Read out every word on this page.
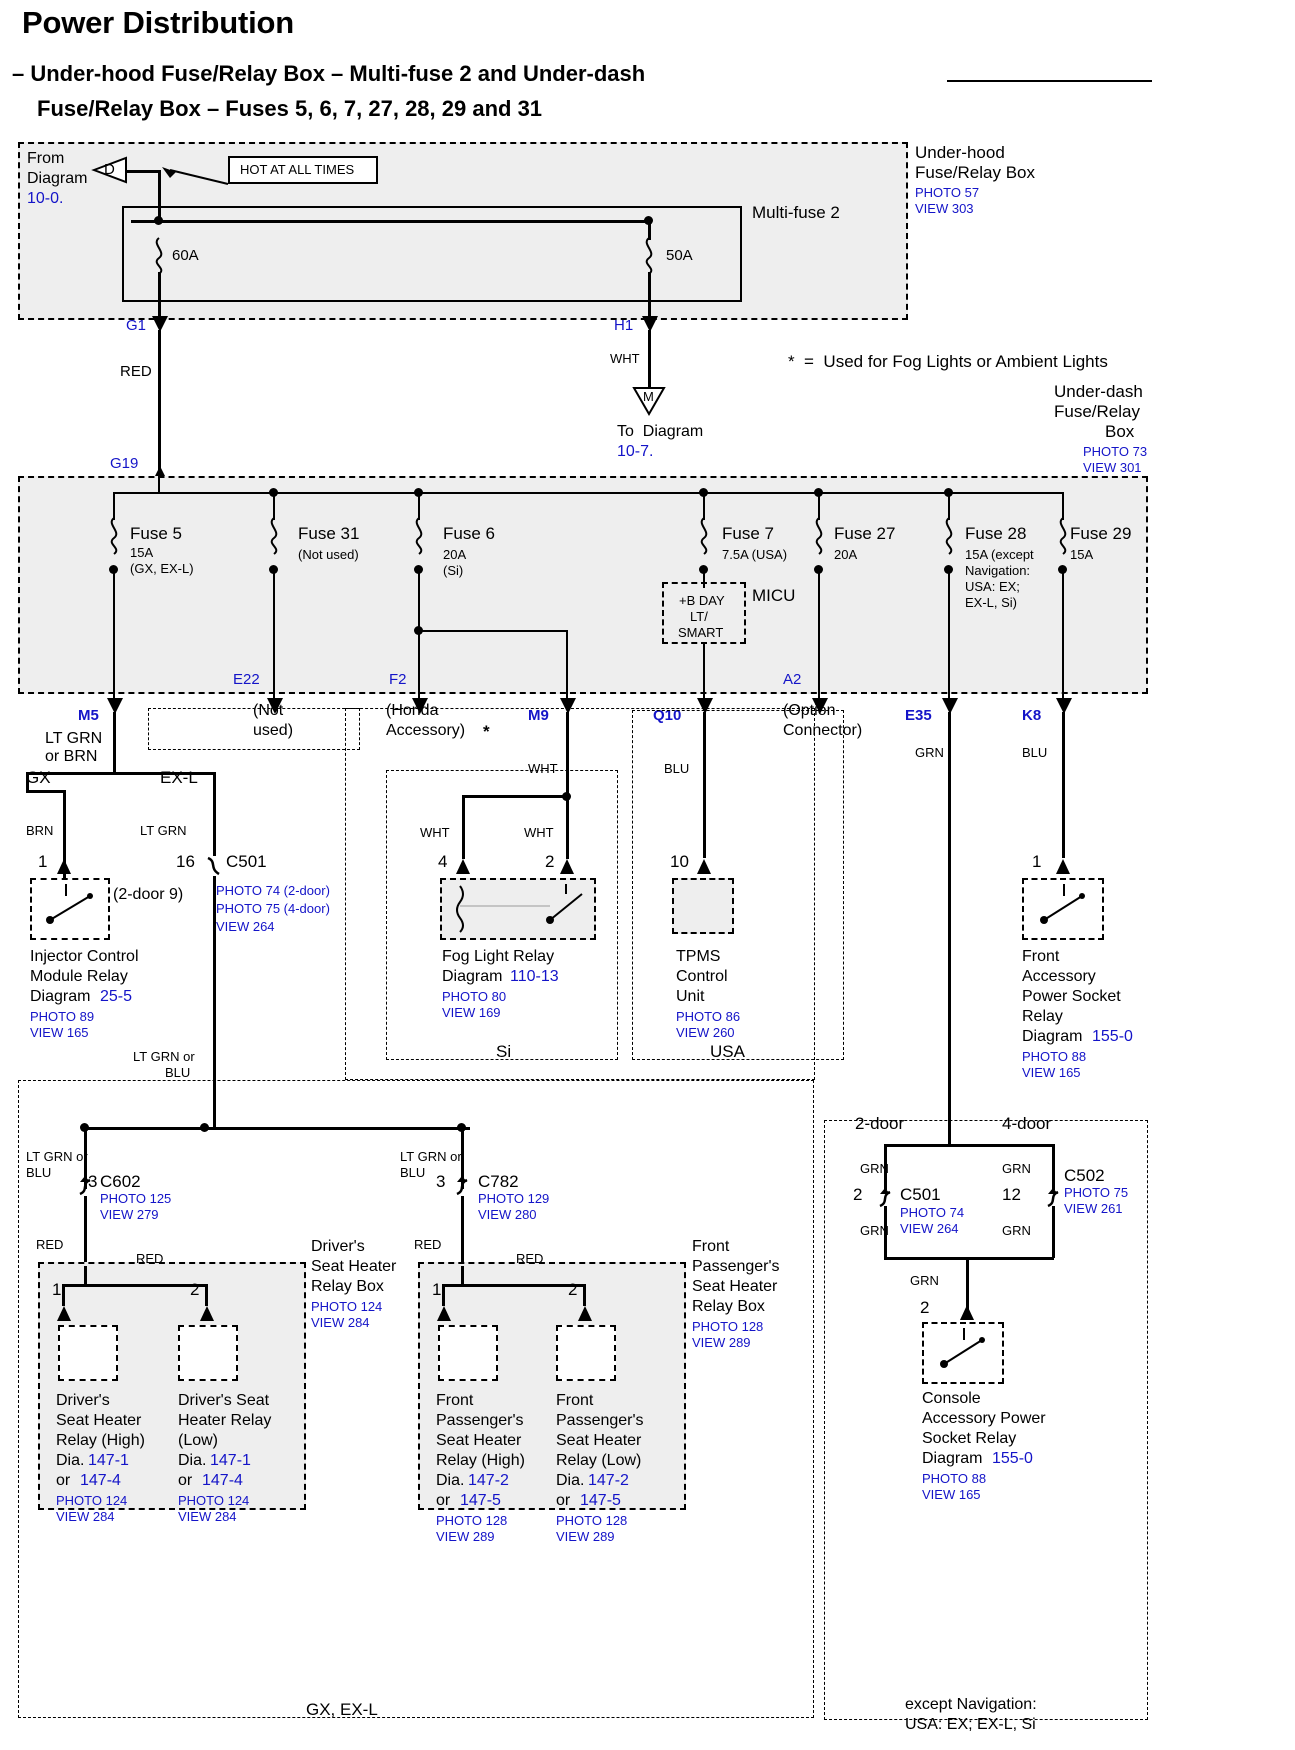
Power Distribution
– Under-hood Fuse/Relay Box – Multi-fuse 2 and Under-dash
Fuse/Relay Box – Fuses 5, 6, 7, 27, 28, 29 and 31
Under-hood
Fuse/Relay Box
PHOTO 57
VIEW 303
From
Diagram
10-0.
D	HOT AT ALL TIMES
Multi-fuse 2
60A	50A
G1
RED
H1
WHT
M
To  Diagram
10-7.
Under-dash
Fuse/Relay
Box
PHOTO 73
VIEW 301
*  =  Used for Fog Lights or Ambient Lights
G19
Fuse 5
15A
(GX, EX-L)
Fuse 31
(Not used)
Fuse 6
20A
(Si)
Fuse 7
7.5A (USA)
+B DAY
LT/
SMART
MICU
Fuse 27
20A
Fuse 28
15A (except
Navigation:
USA: EX;
EX-L, Si)
Fuse 29
15A
E22	F2	A2
M5	M9	Q10	E35	K8
LT GRN
or BRN
(Not
used)
(Honda
Accessory) *
(Option
Connector)
Si	USA
GX, EX-L	except Navigation:
USA: EX; EX-L, Si
GX	EX-L
BRN	LT GRN
1
Injector Control
Module Relay
Diagram 25-5
PHOTO 89
VIEW 165
16 C501
(2-door 9)	PHOTO 74 (2-door)
PHOTO 75 (4-door)
VIEW 264
LT GRN or
BLU
WHT
WHT	WHT
4	2
Fog Light Relay
Diagram 110-13
PHOTO 80
VIEW 169
BLU
10
TPMS
Control
Unit
PHOTO 86
VIEW 260
GRN	BLU
1
Front
Accessory
Power Socket
Relay
Diagram 155-0
PHOTO 88
VIEW 165
LT GRN or
BLU
LT GRN or
BLU
3 C602
PHOTO 125
VIEW 279
RED
3 C782
PHOTO 129
VIEW 280
RED
Driver's
Seat Heater
Relay Box
PHOTO 124
VIEW 284
RED
1	2
Driver's
Seat Heater
Relay (High)
Dia. 147-1
or 147-4
PHOTO 124
VIEW 284
Driver's Seat
Heater Relay
(Low)
Dia. 147-1
or 147-4
PHOTO 124
VIEW 284
Front
Passenger's
Seat Heater
Relay Box
PHOTO 128
VIEW 289
RED
1	2
Front
Passenger's
Seat Heater
Relay (High)
Dia. 147-2
or 147-5
PHOTO 128
VIEW 289
Front
Passenger's
Seat Heater
Relay (Low)
Dia. 147-2
or 147-5
PHOTO 128
VIEW 289
2-door	4-door
GRN	GRN
2 C501
PHOTO 74
VIEW 264
12
C502
PHOTO 75
VIEW 261
GRN	GRN
GRN
2
Console
Accessory Power
Socket Relay
Diagram 155-0
PHOTO 88
VIEW 165
